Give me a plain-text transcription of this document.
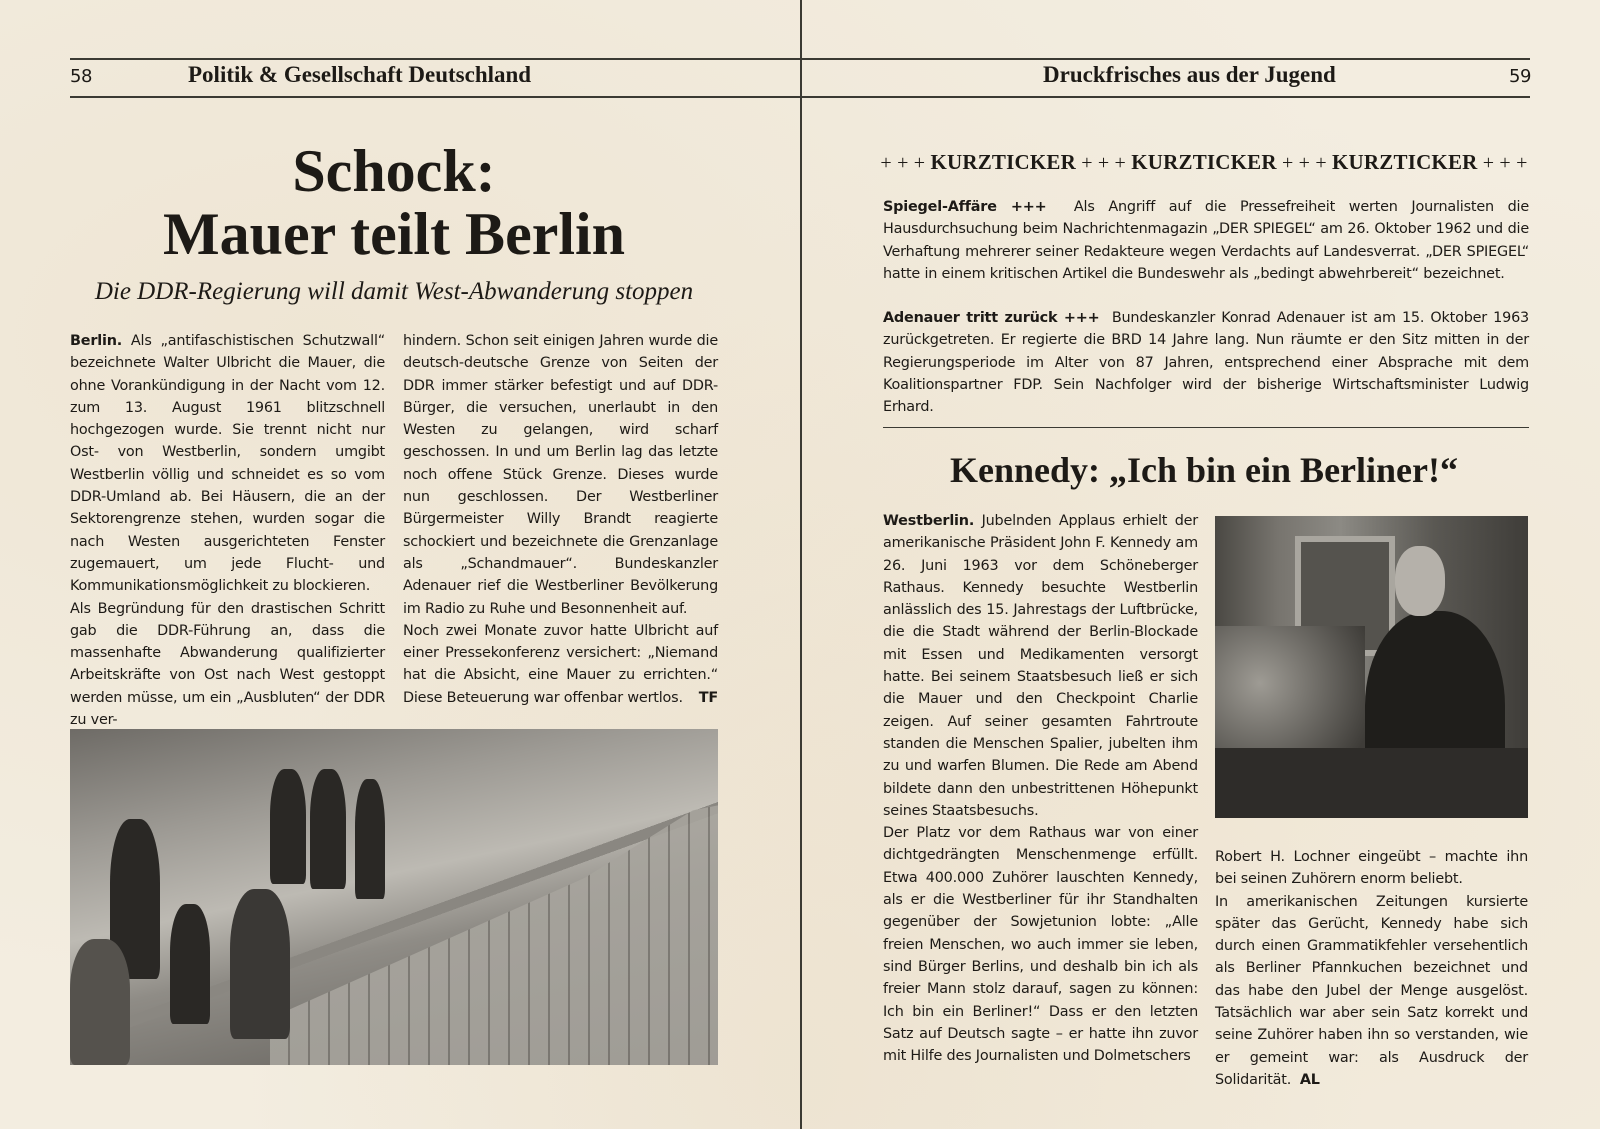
58	Politik & Gesellschaft Deutschland
Schock:
Mauer teilt Berlin
Die DDR-Regierung will damit West-Abwanderung stoppen

Berlin. Als „antifaschistischen Schutzwall“ bezeichnete Walter Ulbricht die Mauer, die ohne Vorankündigung in der Nacht vom 12. zum 13. August 1961 blitzschnell hochgezogen wurde. Sie trennt nicht nur Ost- von Westberlin, sondern umgibt Westberlin völlig und schneidet es so vom DDR-Umland ab. Bei Häusern, die an der Sektorengrenze stehen, wurden sogar die nach Westen ausgerichteten Fenster zugemauert, um jede Flucht- und Kommunikationsmöglichkeit zu blockieren.

Als Begründung für den drastischen Schritt gab die DDR-Führung an, dass die massenhafte Abwanderung qualifizierter Arbeitskräfte von Ost nach West gestoppt werden müsse, um ein „Ausbluten“ der DDR zu ver-

hindern. Schon seit einigen Jahren wurde die deutsch-deutsche Grenze von Seiten der DDR immer stärker befestigt und auf DDR-Bürger, die versuchen, unerlaubt in den Westen zu gelangen, wird scharf geschossen. In und um Berlin lag das letzte noch offene Stück Grenze. Dieses wurde nun geschlossen. Der Westberliner Bürgermeister Willy Brandt reagierte schockiert und bezeichnete die Grenzanlage als „Schandmauer“. Bundeskanzler Adenauer rief die Westberliner Bevölkerung im Radio zu Ruhe und Besonnenheit auf.

Noch zwei Monate zuvor hatte Ulbricht auf einer Pressekonferenz versichert: „Niemand hat die Absicht, eine Mauer zu errichten.“ Diese Beteuerung war offenbar wertlos. TF

Druckfrisches aus der Jugend	59
+ + + KURZTICKER + + + KURZTICKER + + + KURZTICKER + + +

Spiegel-Affäre +++ Als Angriff auf die Pressefreiheit werten Journalisten die Hausdurchsuchung beim Nachrichtenmagazin „DER SPIEGEL“ am 26. Oktober 1962 und die Verhaftung mehrerer seiner Redakteure wegen Verdachts auf Landesverrat. „DER SPIEGEL“ hatte in einem kritischen Artikel die Bundeswehr als „bedingt abwehrbereit“ bezeichnet.

Adenauer tritt zurück +++ Bundeskanzler Konrad Adenauer ist am 15. Oktober 1963 zurückgetreten. Er regierte die BRD 14 Jahre lang. Nun räumte er den Sitz mitten in der Regierungsperiode im Alter von 87 Jahren, entsprechend einer Absprache mit dem Koalitionspartner FDP. Sein Nachfolger wird der bisherige Wirtschaftsminister Ludwig Erhard.

Kennedy: „Ich bin ein Berliner!“

Westberlin. Jubelnden Applaus erhielt der amerikanische Präsident John F. Kennedy am 26. Juni 1963 vor dem Schöneberger Rathaus. Kennedy besuchte Westberlin anlässlich des 15. Jahrestags der Luftbrücke, die die Stadt während der Berlin-Blockade mit Essen und Medikamenten versorgt hatte. Bei seinem Staatsbesuch ließ er sich die Mauer und den Checkpoint Charlie zeigen. Auf seiner gesamten Fahrtroute standen die Menschen Spalier, jubelten ihm zu und warfen Blumen. Die Rede am Abend bildete dann den unbestrittenen Höhepunkt seines Staatsbesuchs.

Der Platz vor dem Rathaus war von einer dichtgedrängten Menschenmenge erfüllt. Etwa 400.000 Zuhörer lauschten Kennedy, als er die Westberliner für ihr Standhalten gegenüber der Sowjetunion lobte: „Alle freien Menschen, wo auch immer sie leben, sind Bürger Berlins, und deshalb bin ich als freier Mann stolz darauf, sagen zu können: Ich bin ein Berliner!“ Dass er den letzten Satz auf Deutsch sagte – er hatte ihn zuvor mit Hilfe des Journalisten und Dolmetschers

Robert H. Lochner eingeübt – machte ihn bei seinen Zuhörern enorm beliebt.

In amerikanischen Zeitungen kursierte später das Gerücht, Kennedy habe sich durch einen Grammatikfehler versehentlich als Berliner Pfannkuchen bezeichnet und das habe den Jubel der Menge ausgelöst. Tatsächlich war aber sein Satz korrekt und seine Zuhörer haben ihn so verstanden, wie er gemeint war: als Ausdruck der Solidarität. AL
